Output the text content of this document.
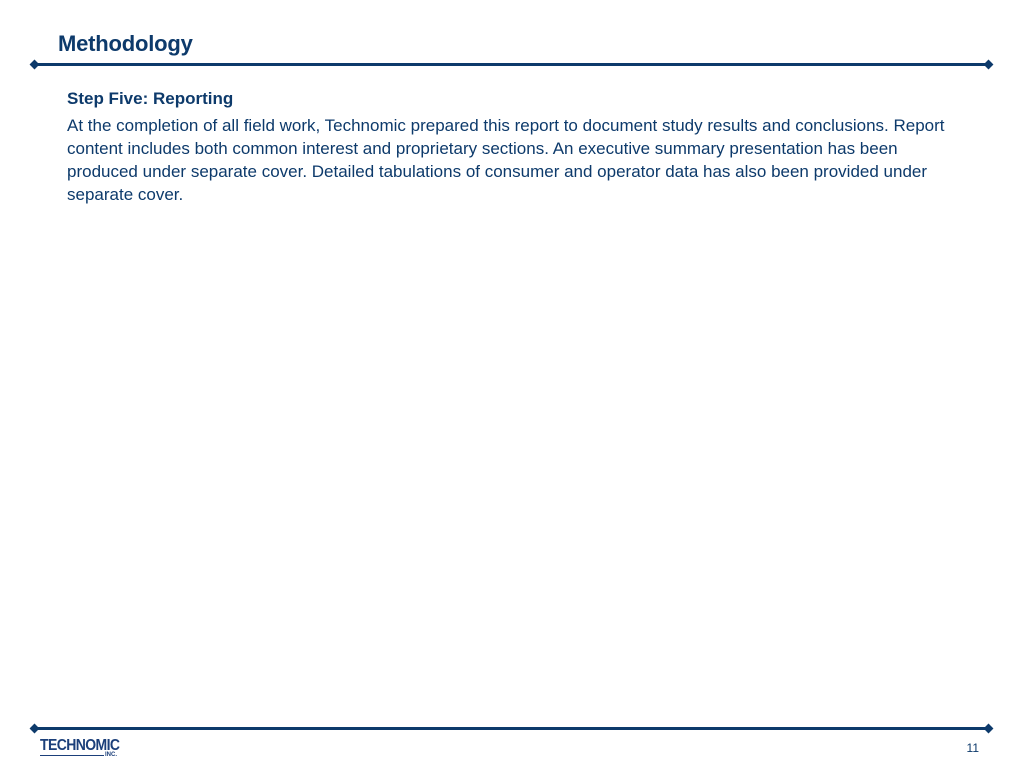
Methodology
Step Five: Reporting
At the completion of all field work, Technomic prepared this report to document study results and conclusions. Report content includes both common interest and proprietary sections. An executive summary presentation has been produced under separate cover. Detailed tabulations of consumer and operator data has also been provided under separate cover.
TECHNOMIC
INC.	11
